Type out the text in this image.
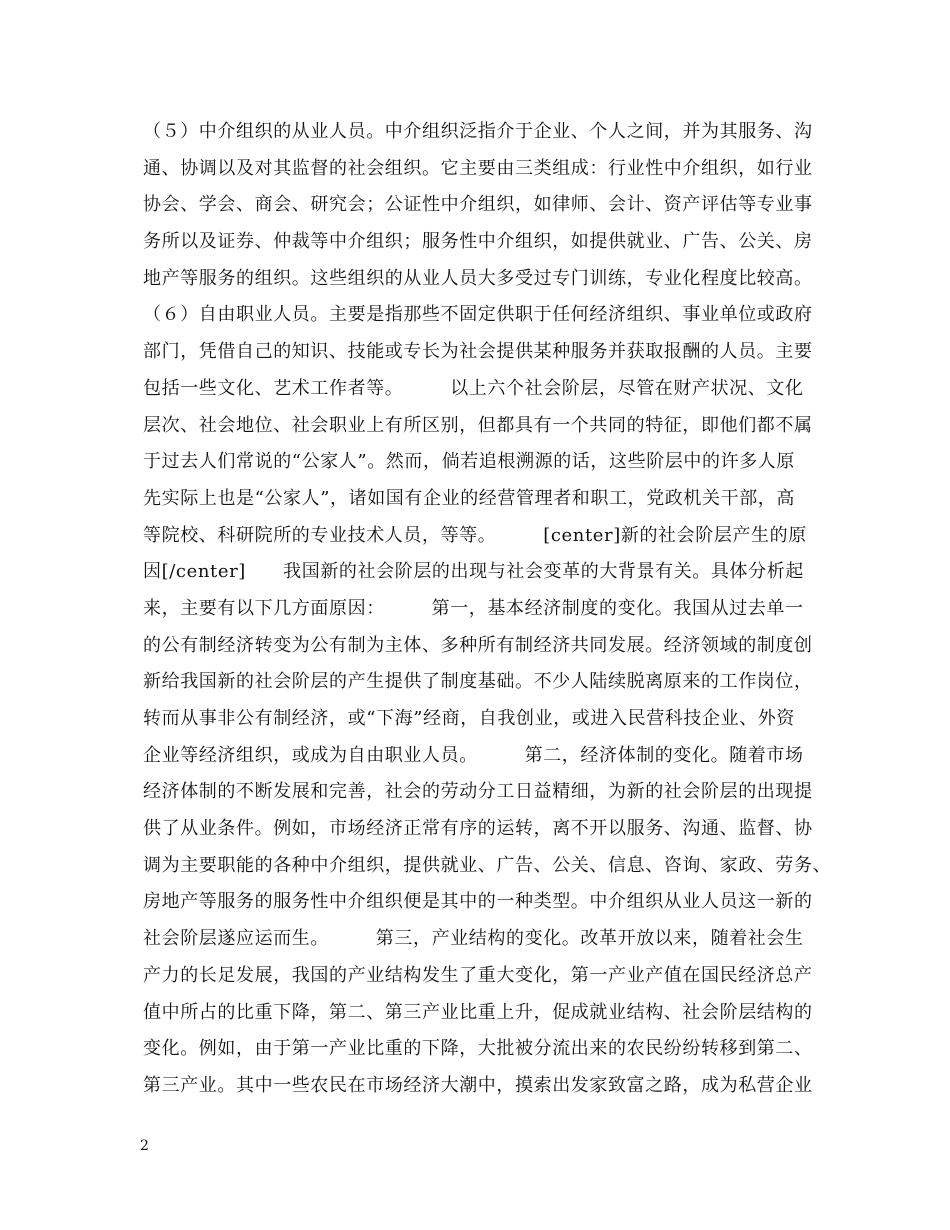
（５）中介组织的从业人员。中介组织泛指介于企业、个人之间，并为其服务、沟
通、协调以及对其监督的社会组织。它主要由三类组成：行业性中介组织，如行业
协会、学会、商会、研究会；公证性中介组织，如律师、会计、资产评估等专业事
务所以及证券、仲裁等中介组织；服务性中介组织，如提供就业、广告、公关、房
地产等服务的组织。这些组织的从业人员大多受过专门训练，专业化程度比较高。
（６）自由职业人员。主要是指那些不固定供职于任何经济组织、事业单位或政府
部门，凭借自己的知识、技能或专长为社会提供某种服务并获取报酬的人员。主要
包括一些文化、艺术工作者等。　　　以上六个社会阶层，尽管在财产状况、文化
层次、社会地位、社会职业上有所区别，但都具有一个共同的特征，即他们都不属
于过去人们常说的“公家人”。然而，倘若追根溯源的话，这些阶层中的许多人原
先实际上也是“公家人”，诸如国有企业的经营管理者和职工，党政机关干部，高
等院校、科研院所的专业技术人员，等等。　　　[center]新的社会阶层产生的原
因[/center]　　我国新的社会阶层的出现与社会变革的大背景有关。具体分析起
来，主要有以下几方面原因：　　　第一，基本经济制度的变化。我国从过去单一
的公有制经济转变为公有制为主体、多种所有制经济共同发展。经济领域的制度创
新给我国新的社会阶层的产生提供了制度基础。不少人陆续脱离原来的工作岗位，
转而从事非公有制经济，或“下海”经商，自我创业，或进入民营科技企业、外资
企业等经济组织，或成为自由职业人员。　　　第二，经济体制的变化。随着市场
经济体制的不断发展和完善，社会的劳动分工日益精细，为新的社会阶层的出现提
供了从业条件。例如，市场经济正常有序的运转，离不开以服务、沟通、监督、协
调为主要职能的各种中介组织，提供就业、广告、公关、信息、咨询、家政、劳务、
房地产等服务的服务性中介组织便是其中的一种类型。中介组织从业人员这一新的
社会阶层遂应运而生。　　　第三，产业结构的变化。改革开放以来，随着社会生
产力的长足发展，我国的产业结构发生了重大变化，第一产业产值在国民经济总产
值中所占的比重下降，第二、第三产业比重上升，促成就业结构、社会阶层结构的
变化。例如，由于第一产业比重的下降，大批被分流出来的农民纷纷转移到第二、
第三产业。其中一些农民在市场经济大潮中，摸索出发家致富之路，成为私营企业
2
